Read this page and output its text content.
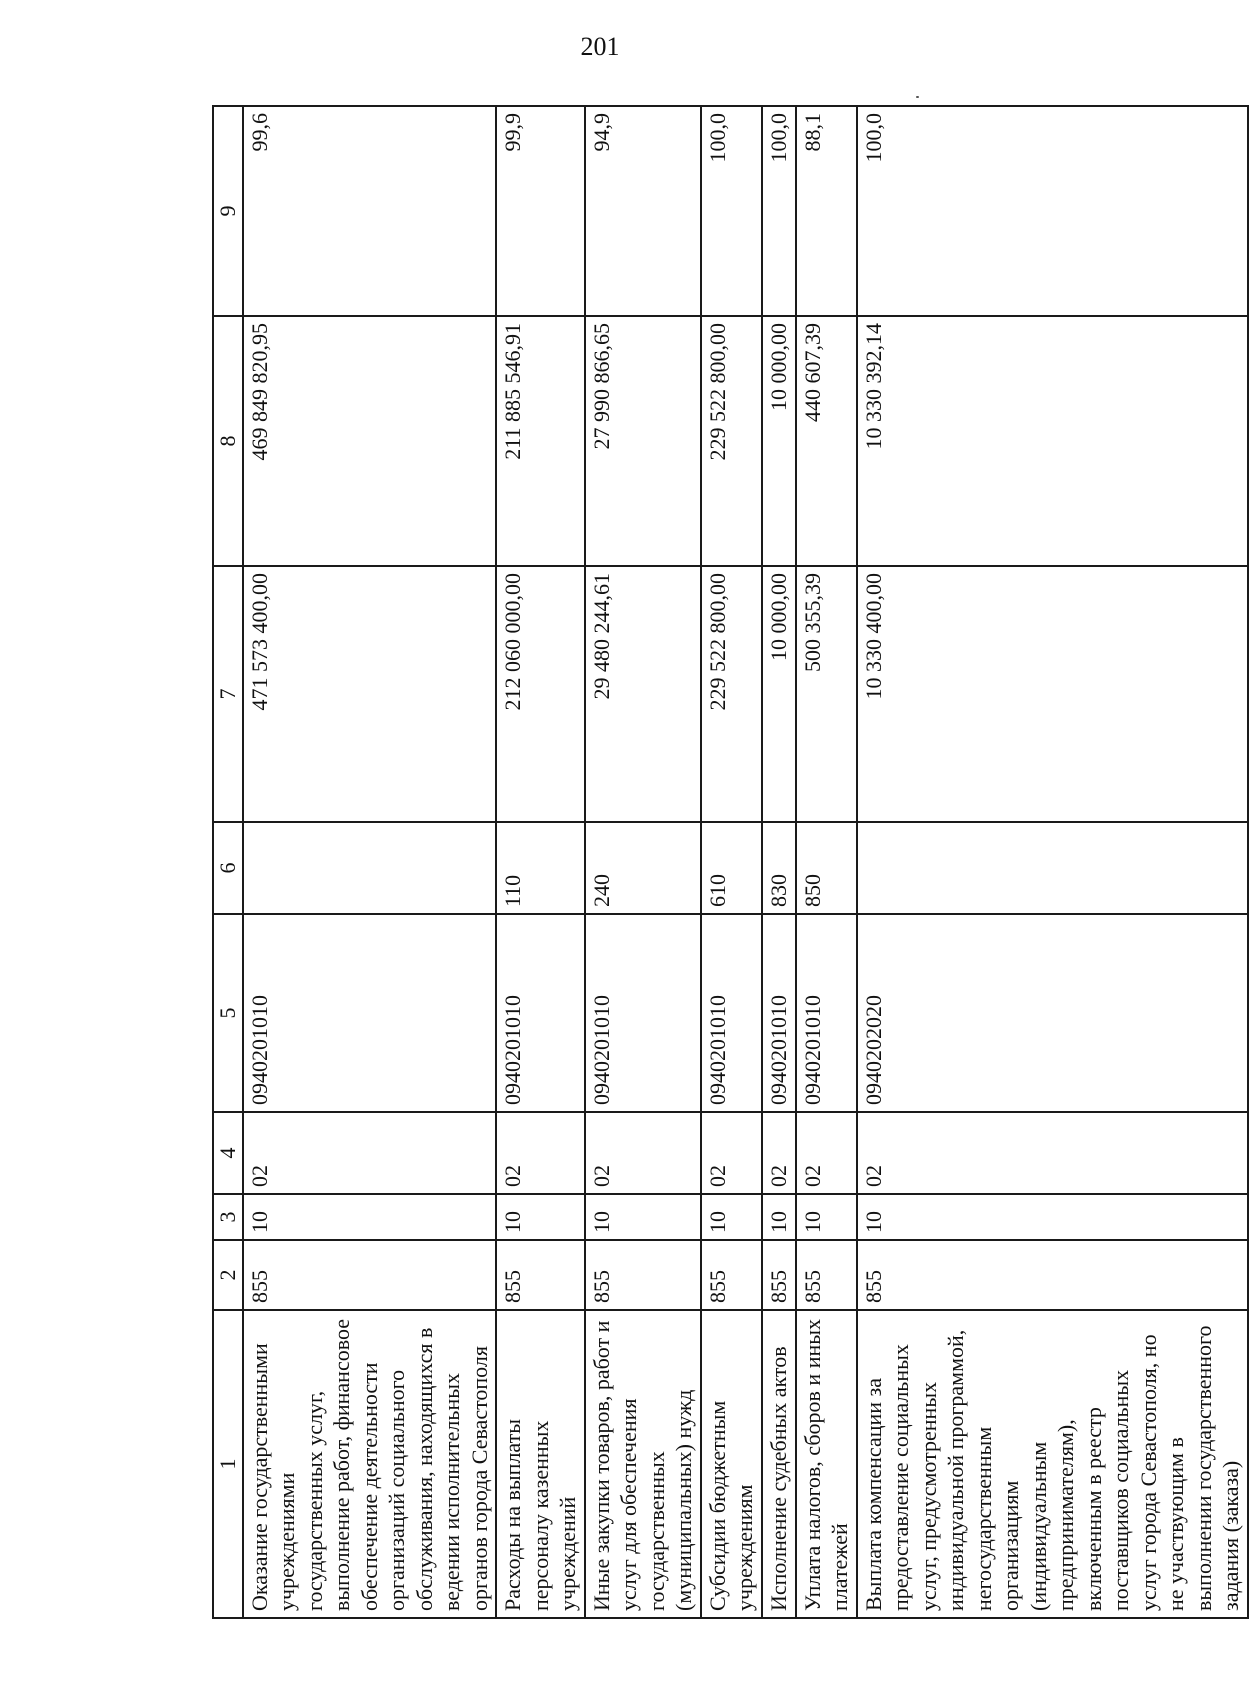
201
1	2	3	4	5	6	7	8	9
Оказание государственными учреждениями государственных услуг, выполнение работ, финансовое обеспечение деятельности организаций социального обслуживания, находящихся в ведении исполнительных органов города Севастополя	855	10	02	0940201010		471 573 400,00	469 849 820,95	99,6
Расходы на выплаты персоналу казенных учреждений	855	10	02	0940201010	110	212 060 000,00	211 885 546,91	99,9
Иные закупки товаров, работ и услуг для обеспечения государственных (муниципальных) нужд	855	10	02	0940201010	240	29 480 244,61	27 990 866,65	94,9
Субсидии бюджетным учреждениям	855	10	02	0940201010	610	229 522 800,00	229 522 800,00	100,0
Исполнение судебных актов	855	10	02	0940201010	830	10 000,00	10 000,00	100,0
Уплата налогов, сборов и иных платежей	855	10	02	0940201010	850	500 355,39	440 607,39	88,1
Выплата компенсации за предоставление социальных услуг, предусмотренных индивидуальной программой, негосударственным организациям (индивидуальным предпринимателям), включенным в реестр поставщиков социальных услуг города Севастополя, но не участвующим в выполнении государственного задания (заказа)	855	10	02	0940202020		10 330 400,00	10 330 392,14	100,0
